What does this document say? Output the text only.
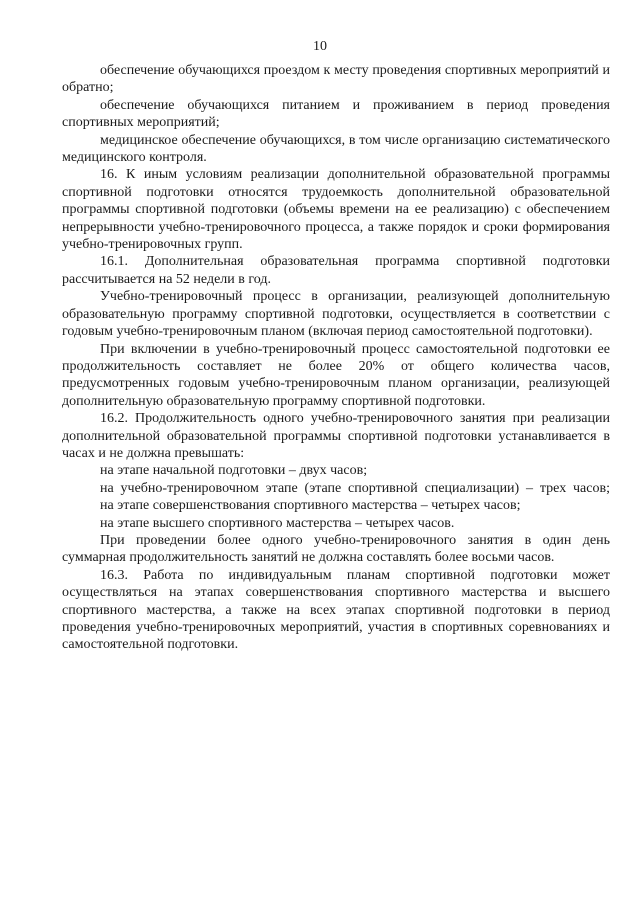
10

обеспечение обучающихся проездом к месту проведения спортивных мероприятий и обратно;

обеспечение обучающихся питанием и проживанием в период проведения спортивных мероприятий;

медицинское обеспечение обучающихся, в том числе организацию систематического медицинского контроля.

16. К иным условиям реализации дополнительной образовательной программы спортивной подготовки относятся трудоемкость дополнительной образовательной программы спортивной подготовки (объемы времени на ее реализацию) с обеспечением непрерывности учебно-тренировочного процесса, а также порядок и сроки формирования учебно-тренировочных групп.

16.1. Дополнительная образовательная программа спортивной подготовки рассчитывается на 52 недели в год.

Учебно-тренировочный процесс в организации, реализующей дополнительную образовательную программу спортивной подготовки, осуществляется в соответствии с годовым учебно-тренировочным планом (включая период самостоятельной подготовки).

При включении в учебно-тренировочный процесс самостоятельной подготовки ее продолжительность составляет не более 20% от общего количества часов, предусмотренных годовым учебно-тренировочным планом организации, реализующей дополнительную образовательную программу спортивной подготовки.

16.2. Продолжительность одного учебно-тренировочного занятия при реализации дополнительной образовательной программы спортивной подготовки устанавливается в часах и не должна превышать:

на этапе начальной подготовки – двух часов;

на учебно-тренировочном этапе (этапе спортивной специализации) – трех часов;

на этапе совершенствования спортивного мастерства – четырех часов;

на этапе высшего спортивного мастерства – четырех часов.

При проведении более одного учебно-тренировочного занятия в один день суммарная продолжительность занятий не должна составлять более восьми часов.

16.3. Работа по индивидуальным планам спортивной подготовки может осуществляться на этапах совершенствования спортивного мастерства и высшего спортивного мастерства, а также на всех этапах спортивной подготовки в период проведения учебно-тренировочных мероприятий, участия в спортивных соревнованиях и самостоятельной подготовки.
